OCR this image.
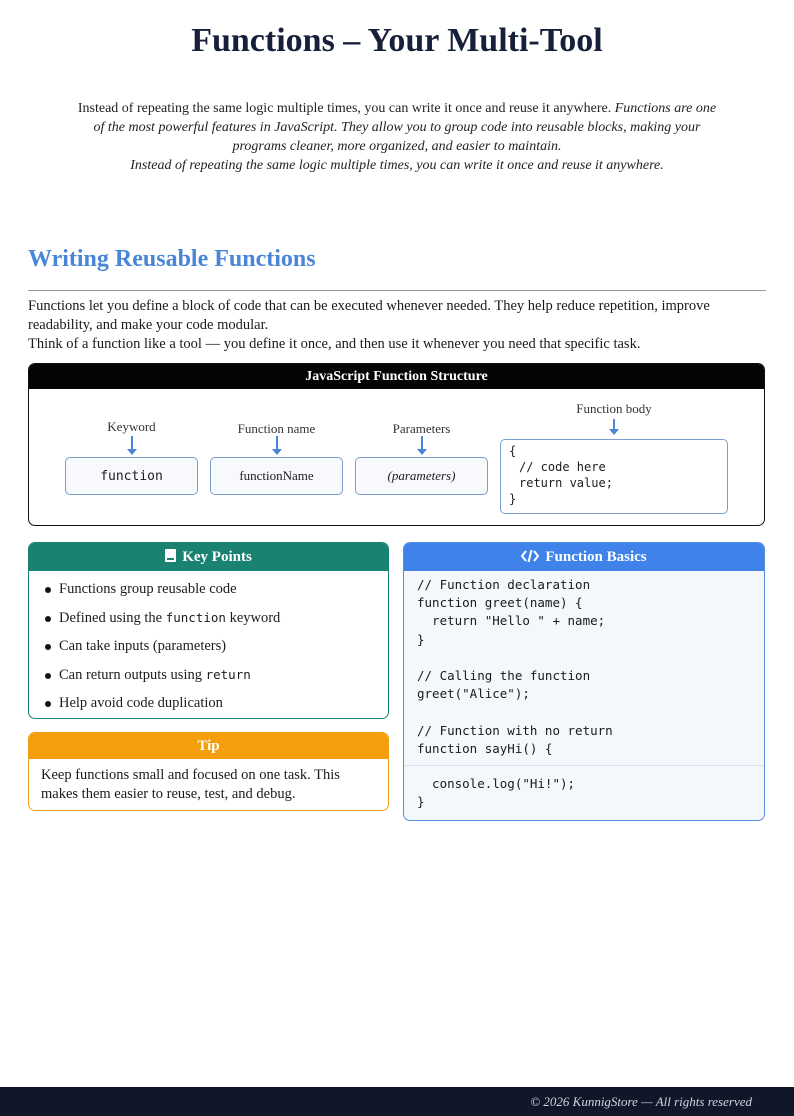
Functions – Your Multi-Tool
Instead of repeating the same logic multiple times, you can write it once and reuse it anywhere. Functions are one
of the most powerful features in JavaScript. They allow you to group code into reusable blocks, making your
programs cleaner, more organized, and easier to maintain.
Instead of repeating the same logic multiple times, you can write it once and reuse it anywhere.
Writing Reusable Functions
Functions let you define a block of code that can be executed whenever needed. They help reduce repetition, improve readability, and make your code modular.
Think of a function like a tool — you define it once, and then use it whenever you need that specific task.
JavaScript Function Structure
Keyword
function
Function name
functionName
Parameters
(parameters)
Function body
{
// code here
return value;
}
Key Points
Functions group reusable code
Defined using the function keyword
Can take inputs (parameters)
Can return outputs using return
Help avoid code duplication
Tip
Keep functions small and focused on one task. This makes them easier to reuse, test, and debug.
Function Basics
// Function declaration
function greet(name) {
return "Hello " + name;
}

// Calling the function
greet("Alice");

// Function with no return
function sayHi() {
console.log("Hi!");
}
© 2026 KunnigStore — All rights reserved
